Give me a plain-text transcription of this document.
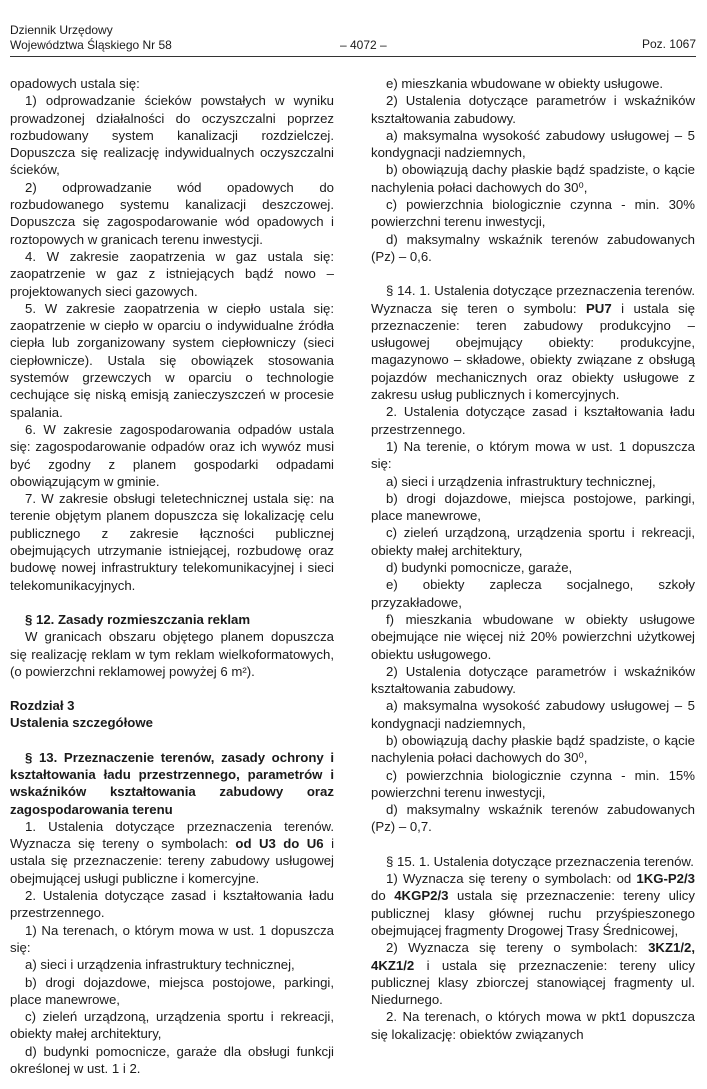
Dziennik Urzędowy
Województwa Śląskiego Nr 58	– 4072 –	Poz. 1067

opadowych ustala się:

1) odprowadzanie ścieków powstałych w wyniku prowadzonej działalności do oczyszczalni poprzez rozbudowany system kanalizacji rozdzielczej. Dopuszcza się realizację indywidualnych oczyszczalni ścieków,

2) odprowadzanie wód opadowych do rozbudowanego systemu kanalizacji deszczowej. Dopuszcza się zagospodarowanie wód opadowych i roztopowych w granicach terenu inwestycji.

4. W zakresie zaopatrzenia w gaz ustala się: zaopatrzenie w gaz z istniejących bądź nowo – projektowanych sieci gazowych.

5. W zakresie zaopatrzenia w ciepło ustala się: zaopatrzenie w ciepło w oparciu o indywidualne źródła ciepła lub zorganizowany system ciepłowniczy (sieci ciepłownicze). Ustala się obowiązek stosowania systemów grzewczych w oparciu o technologie cechujące się niską emisją zanieczyszczeń w procesie spalania.

6. W zakresie zagospodarowania odpadów ustala się: zagospodarowanie odpadów oraz ich wywóz musi być zgodny z planem gospodarki odpadami obowiązującym w gminie.

7. W zakresie obsługi teletechnicznej ustala się: na terenie objętym planem dopuszcza się lokalizację celu publicznego z zakresie łączności publicznej obejmujących utrzymanie istniejącej, rozbudowę oraz budowę nowej infrastruktury telekomunikacyjnej i sieci telekomunikacyjnych.

§ 12. Zasady rozmieszczania reklam

W granicach obszaru objętego planem dopuszcza się realizację reklam w tym reklam wielkoformatowych, (o powierzchni reklamowej powyżej 6 m²).

Rozdział 3
Ustalenia szczegółowe

§ 13. Przeznaczenie terenów, zasady ochrony i kształtowania ładu przestrzennego, parametrów i wskaźników kształtowania zabudowy oraz zagospodarowania terenu

1. Ustalenia dotyczące przeznaczenia terenów. Wyznacza się tereny o symbolach: od U3 do U6 i ustala się przeznaczenie: tereny zabudowy usługowej obejmującej usługi publiczne i komercyjne.

2. Ustalenia dotyczące zasad i kształtowania ładu przestrzennego.

1) Na terenach, o którym mowa w ust. 1 dopuszcza się:

a) sieci i urządzenia infrastruktury technicznej,

b) drogi dojazdowe, miejsca postojowe, parkingi, place manewrowe,

c) zieleń urządzoną, urządzenia sportu i rekreacji, obiekty małej architektury,

d) budynki pomocnicze, garaże dla obsługi funkcji określonej w ust. 1 i 2.

e) mieszkania wbudowane w obiekty usługowe.

2) Ustalenia dotyczące parametrów i wskaźników kształtowania zabudowy.

a) maksymalna wysokość zabudowy usługowej – 5 kondygnacji nadziemnych,

b) obowiązują dachy płaskie bądź spadziste, o kącie nachylenia połaci dachowych do 30⁰,

c) powierzchnia biologicznie czynna - min. 30% powierzchni terenu inwestycji,

d) maksymalny wskaźnik terenów zabudowanych (Pz) – 0,6.

§ 14. 1. Ustalenia dotyczące przeznaczenia terenów. Wyznacza się teren o symbolu: PU7 i ustala się przeznaczenie: teren zabudowy produkcyjno – usługowej obejmujący obiekty: produkcyjne, magazynowo – składowe, obiekty związane z obsługą pojazdów mechanicznych oraz obiekty usługowe z zakresu usług publicznych i komercyjnych.

2. Ustalenia dotyczące zasad i kształtowania ładu przestrzennego.

1) Na terenie, o którym mowa w ust. 1 dopuszcza się:

a) sieci i urządzenia infrastruktury technicznej,

b) drogi dojazdowe, miejsca postojowe, parkingi, place manewrowe,

c) zieleń urządzoną, urządzenia sportu i rekreacji, obiekty małej architektury,

d) budynki pomocnicze, garaże,

e) obiekty zaplecza socjalnego, szkoły przyzakładowe,

f) mieszkania wbudowane w obiekty usługowe obejmujące nie więcej niż 20% powierzchni użytkowej obiektu usługowego.

2) Ustalenia dotyczące parametrów i wskaźników kształtowania zabudowy.

a) maksymalna wysokość zabudowy usługowej – 5 kondygnacji nadziemnych,

b) obowiązują dachy płaskie bądź spadziste, o kącie nachylenia połaci dachowych do 30⁰,

c) powierzchnia biologicznie czynna - min. 15% powierzchni terenu inwestycji,

d) maksymalny wskaźnik terenów zabudowanych (Pz) – 0,7.

§ 15. 1. Ustalenia dotyczące przeznaczenia terenów.

1) Wyznacza się tereny o symbolach: od 1KG-P2/3 do 4KGP2/3 ustala się przeznaczenie: tereny ulicy publicznej klasy głównej ruchu przyśpieszonego obejmującej fragmenty Drogowej Trasy Średnicowej,

2) Wyznacza się tereny o symbolach: 3KZ1/2, 4KZ1/2 i ustala się przeznaczenie: tereny ulicy publicznej klasy zbiorczej stanowiącej fragmenty ul. Niedurnego.

2. Na terenach, o których mowa w pkt1 dopuszcza się lokalizację: obiektów związanych
